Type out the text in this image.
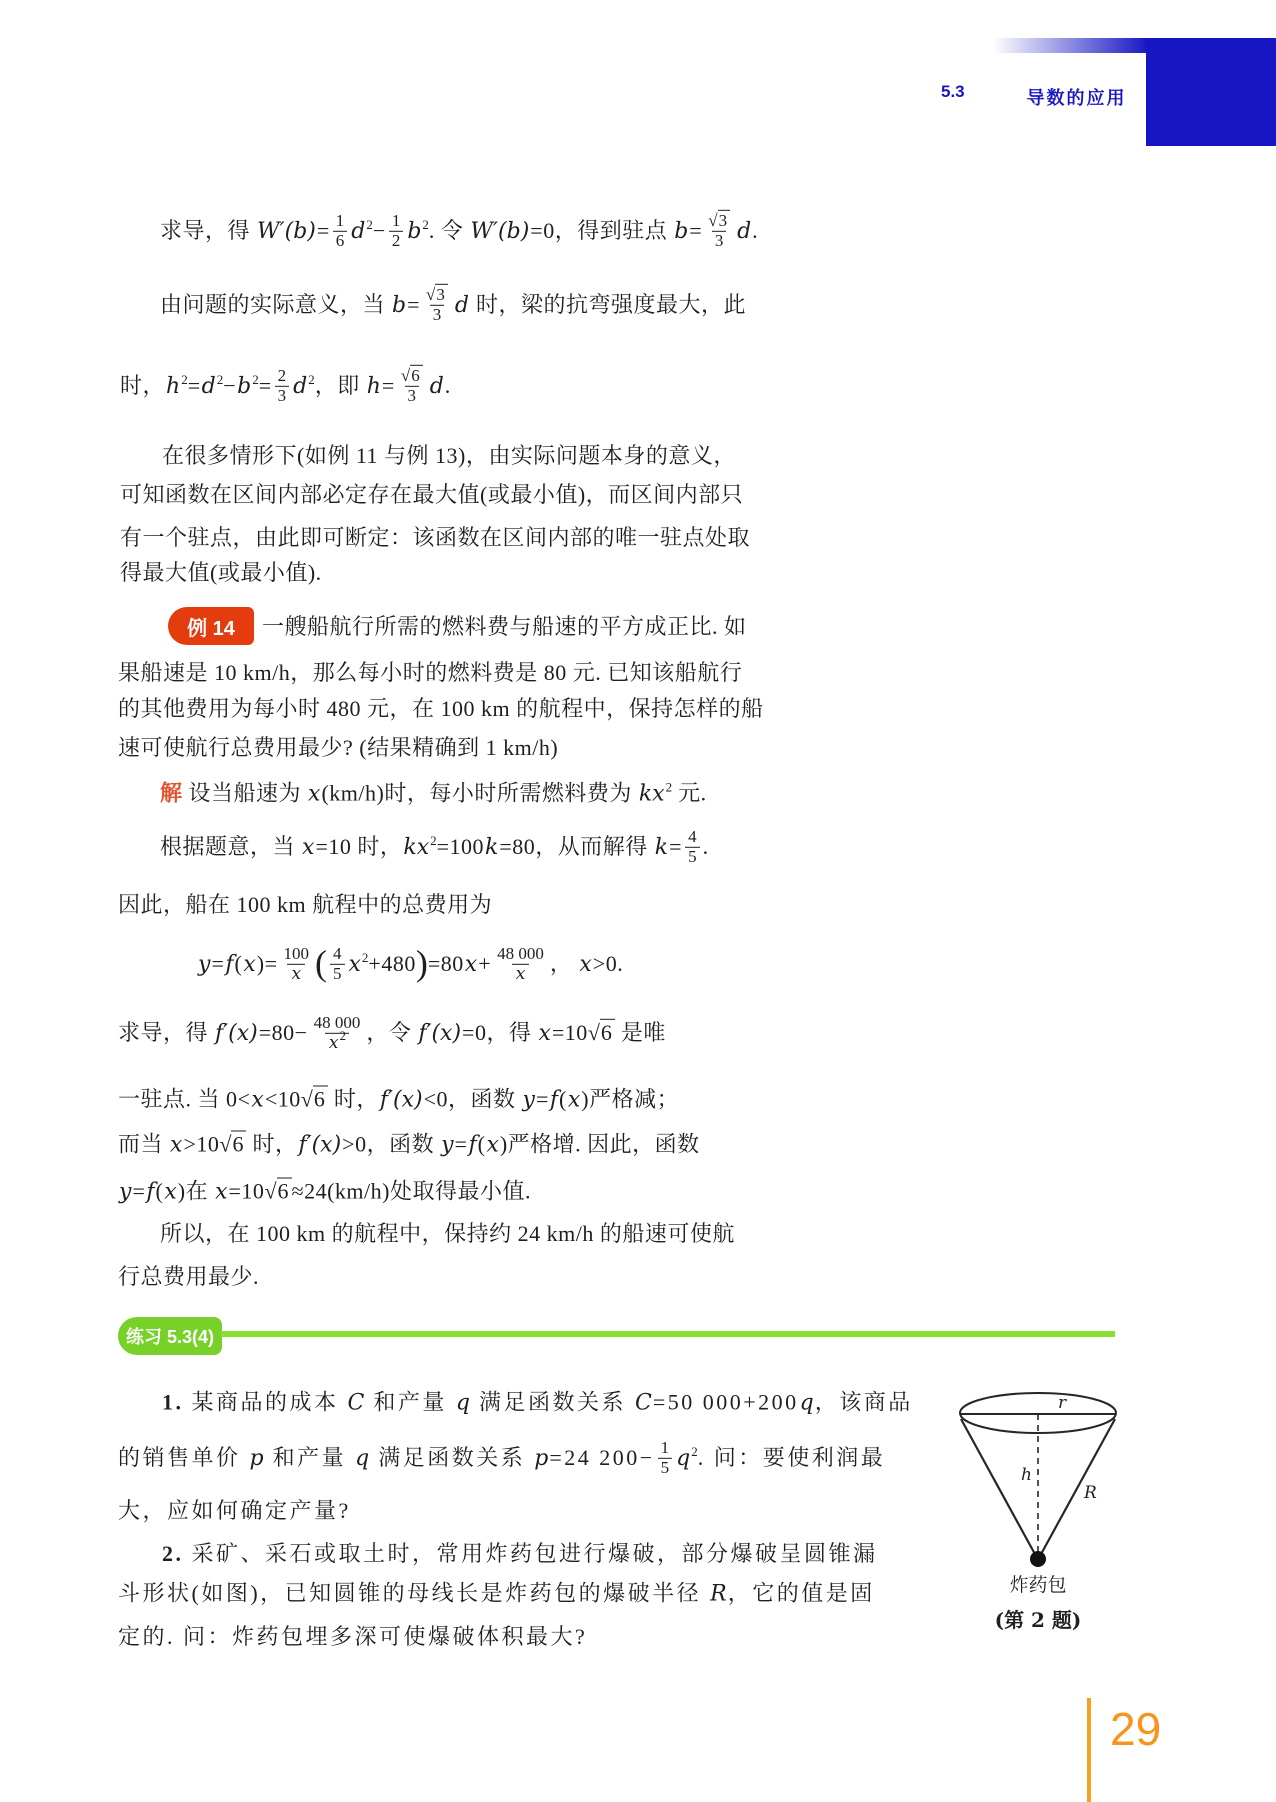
5.3	导数的应用
求导，得 $W'(b)= \frac{1}{6} d^2- \frac{1}{2} b^2$. 令 W′(b)=0，得到驻点 $b= \frac{√3}{3} d$.
由问题的实际意义，当 $b= \frac{√3}{3}$ d 时，梁的抗弯强度最大，此
时，$h^2=d^2-b^2= \frac{2}{3} d^2$，即 $h= \frac{√6}{3} d$.
在很多情形下(如例 11 与例 13)，由实际问题本身的意义，
可知函数在区间内部必定存在最大值(或最小值)，而区间内部只
有一个驻点，由此即可断定：该函数在区间内部的唯一驻点处取
得最大值(或最小值).
一艘船航行所需的燃料费与船速的平方成正比. 如
果船速是 10 km/h，那么每小时的燃料费是 80 元. 已知该船航行
的其他费用为每小时 480 元，在 100 km 的航程中，保持怎样的船
速可使航行总费用最少? (结果精确到 1 km/h)
解 设当船速为 x(km/h)时，每小时所需燃料费为 $kx^2$ 元.
根据题意，当 x=10 时，$kx^2=100k=80$，从而解得 $k= \frac{4}{5}$ .
因此，船在 100 km 航程中的总费用为
$y=f(x)= \frac{100}{x}$ ( $\frac{4}{5} x^2+480)=80x+ \frac{48 000}{x}$ ， x>0.
求导，得 $f'(x)=80- \frac{48 000}{x^2}$ ，令 f′(x)=0，得 x=10√6 是唯
一驻点. 当 0<x<10√6 时，f′(x)<0，函数 y=f(x)严格减；
而当 x>10√6 时，f′(x)>0，函数 y=f(x)严格增. 因此，函数
y=f(x)在 x=10√6 ≈24(km/h)处取得最小值.
所以，在 100 km 的航程中，保持约 24 km/h 的船速可使航
行总费用最少.
1. 某商品的成本 C 和产量 q 满足函数关系 C=50 000+200q，该商品
的销售单价 p 和产量 q 满足函数关系 p=24 $200- \frac{1}{5} q^2$. 问：要使利润最
大，应如何确定产量?
2. 采矿、采石或取土时，常用炸药包进行爆破，部分爆破呈圆锥漏
斗形状(如图)，已知圆锥的母线长是炸药包的爆破半径 R，它的值是固
定的. 问：炸药包埋多深可使爆破体积最大?
例 14
练习 5.3(4)
r
h
R
炸药包
(第 2 题)
29
